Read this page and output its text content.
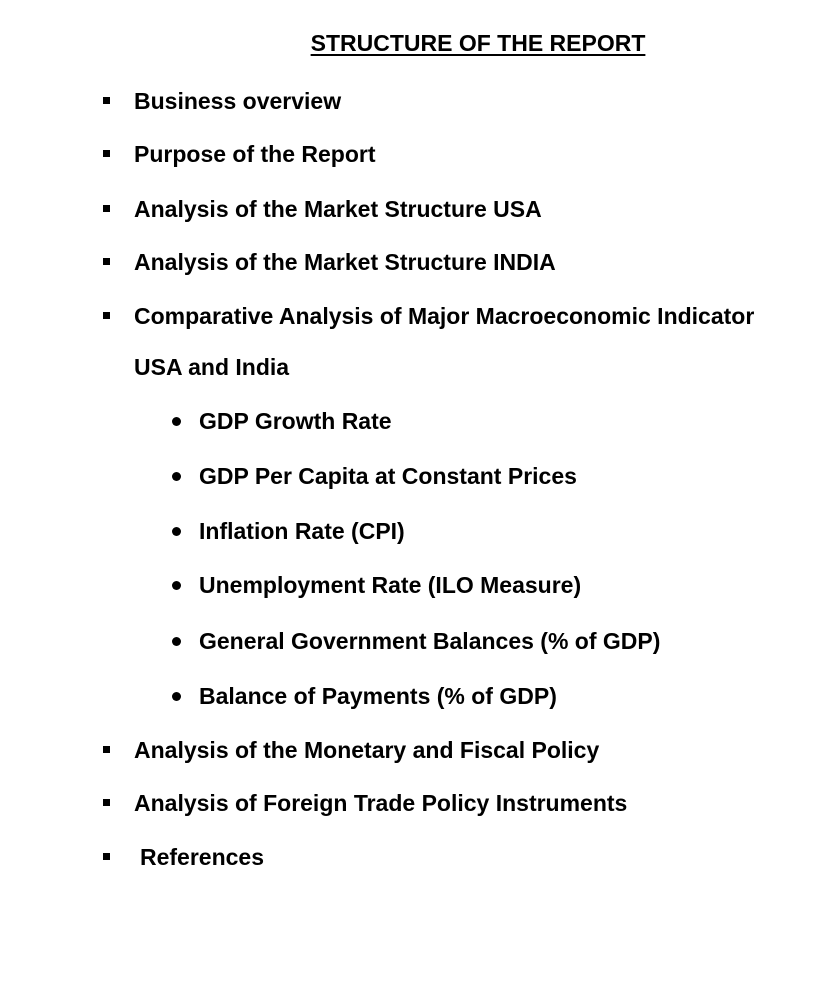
STRUCTURE OF THE REPORT
Business overview
Purpose of the Report
Analysis of the Market Structure USA
Analysis of the Market Structure INDIA
Comparative Analysis of Major Macroeconomic Indicator
USA and India
GDP Growth Rate
GDP Per Capita at Constant Prices
Inflation Rate (CPI)
Unemployment Rate (ILO Measure)
General Government Balances (% of GDP)
Balance of Payments (% of GDP)
Analysis of the Monetary and Fiscal Policy
Analysis of Foreign Trade Policy Instruments
References
